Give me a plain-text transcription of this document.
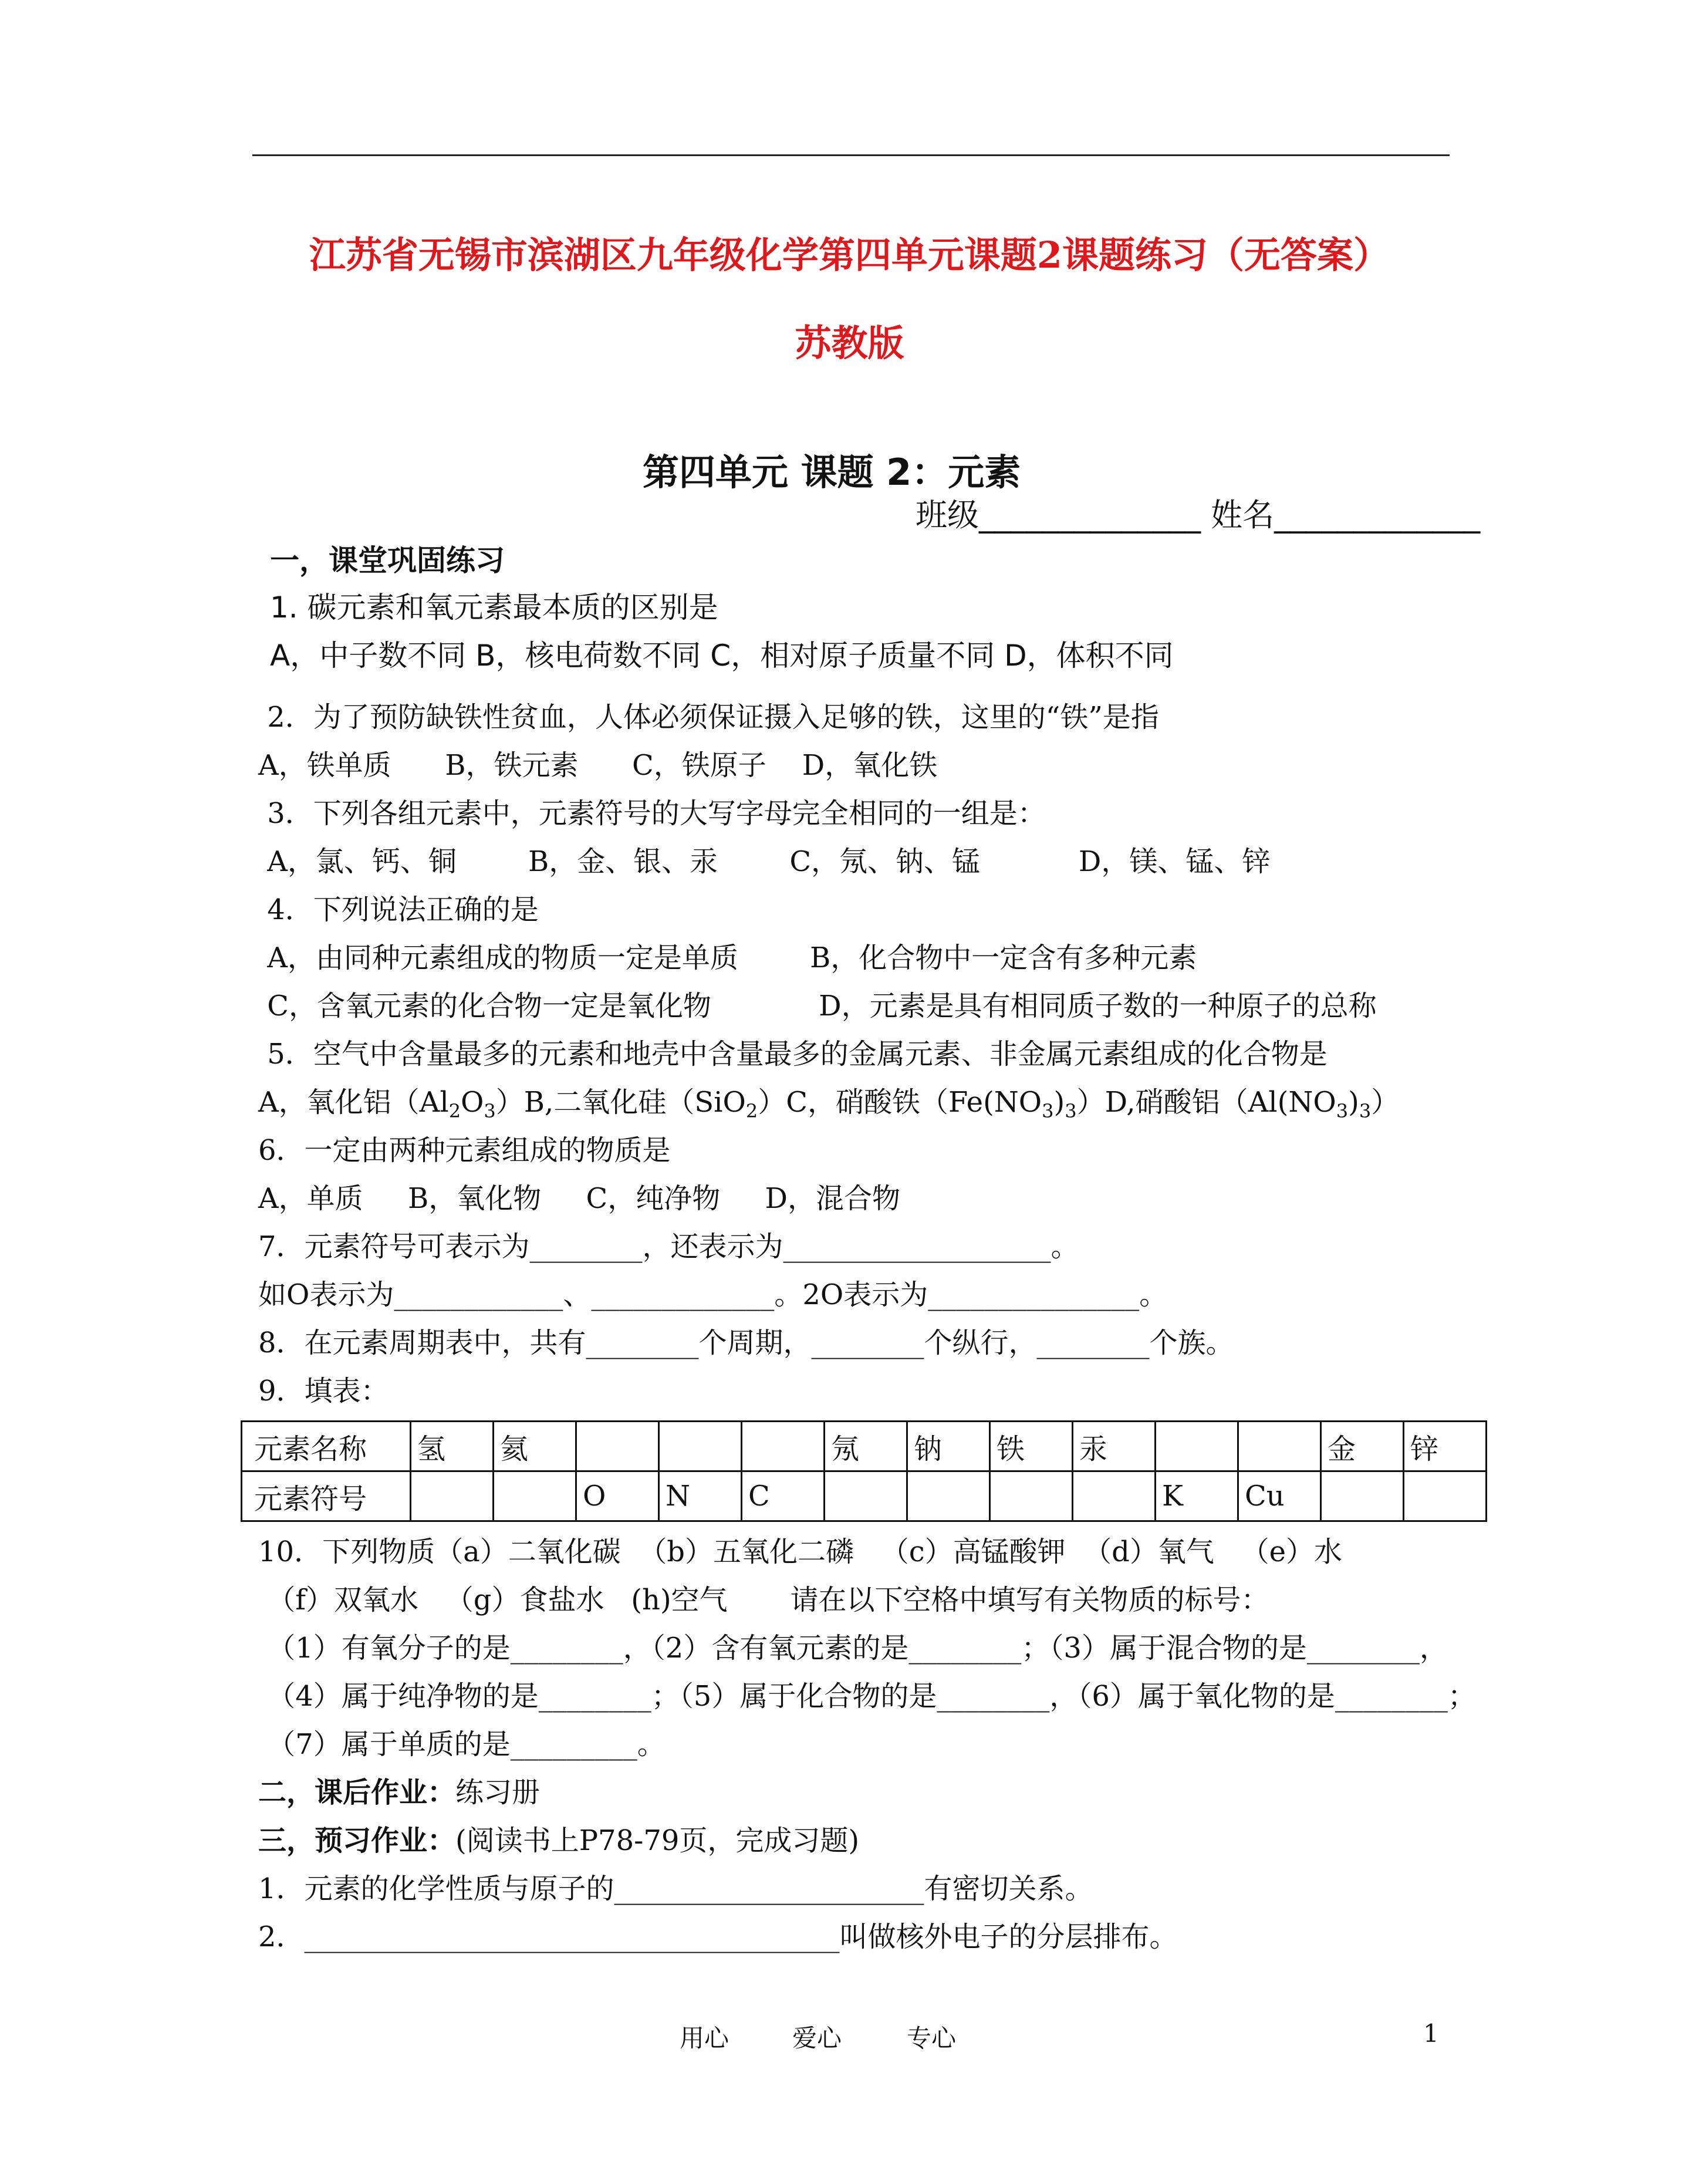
江苏省无锡市滨湖区九年级化学第四单元课题2课题练习（无答案）
苏教版
第四单元 课题 2：元素
班级______________ 姓名_____________
一，课堂巩固练习
1. 碳元素和氧元素最本质的区别是
A，中子数不同 B，核电荷数不同 C，相对原子质量不同 D，体积不同
2．为了预防缺铁性贫血，人体必须保证摄入足够的铁，这里的“铁”是指
A，铁单质      B，铁元素      C，铁原子    D，氧化铁
3．下列各组元素中，元素符号的大写字母完全相同的一组是：
A，氯、钙、铜        B，金、银、汞        C，氖、钠、锰           D，镁、锰、锌
4．下列说法正确的是
A，由同种元素组成的物质一定是单质        B，化合物中一定含有多种元素
C，含氧元素的化合物一定是氧化物            D，元素是具有相同质子数的一种原子的总称
5．空气中含量最多的元素和地壳中含量最多的金属元素、非金属元素组成的化合物是
A，氧化铝$(Al_2O_3)B$,二氧化硅（SiO$_2$）C，硝酸铁$(Fe(NO_3)_3)D$,硝酸铝$(Al(NO_3)_3)$
6．一定由两种元素组成的物质是
A，单质     B，氧化物     C，纯净物     D，混合物
7．元素符号可表示为________，还表示为___________________。
如O表示为____________、_____________。2O表示为_______________。
8．在元素周期表中，共有________个周期，________个纵行，________个族。
9．填表：
元素名称	氢	氦				氖	钠	铁	汞			金	锌
元素符号			O	N	C					K	Cu		
10．下列物质（a）二氧化碳  （b）五氧化二磷   （c）高锰酸钾  （d）氧气   （e）水
（f）双氧水   （g）食盐水   (h)空气       请在以下空格中填写有关物质的标号：
（1）有氧分子的是________，（2）含有氧元素的是________；（3）属于混合物的是________，
（4）属于纯净物的是________；（5）属于化合物的是________，（6）属于氧化物的是________；
（7）属于单质的是_________。
二，课后作业：练习册
三，预习作业：(阅读书上P78-79页，完成习题)
1．元素的化学性质与原子的______________________有密切关系。
2．______________________________________叫做核外电子的分层排布。
用心	爱心	专心	1
